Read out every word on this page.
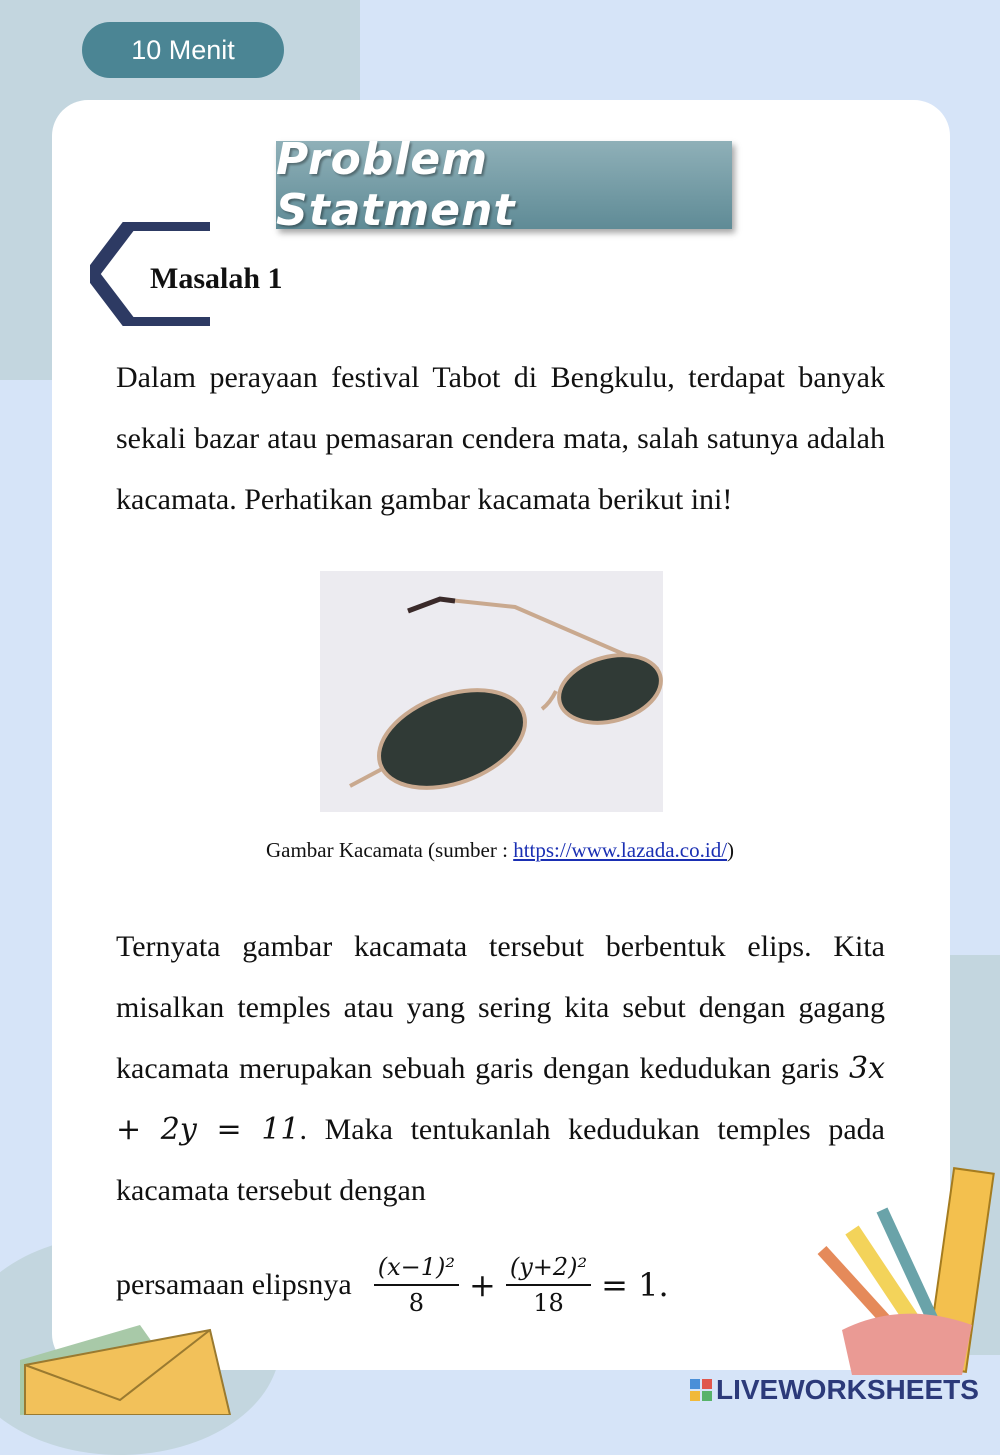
10 Menit
Problem Statment
Masalah 1
Dalam perayaan festival Tabot di Bengkulu, terdapat banyak sekali bazar atau pemasaran cendera mata, salah satunya adalah kacamata. Perhatikan gambar kacamata berikut ini!
Gambar Kacamata (sumber : https://www.lazada.co.id/)
Ternyata gambar kacamata tersebut berbentuk elips. Kita misalkan temples atau yang sering kita sebut dengan gagang kacamata merupakan sebuah garis dengan kedudukan garis 3x + 2y = 11. Maka tentukanlah kedudukan temples pada kacamata tersebut dengan
persamaan elipsnya $\frac{\text{(x−1)²}}{8} + \frac{\text{(y+2)²}}{18} = 1$.
LIVEWORKSHEETS
